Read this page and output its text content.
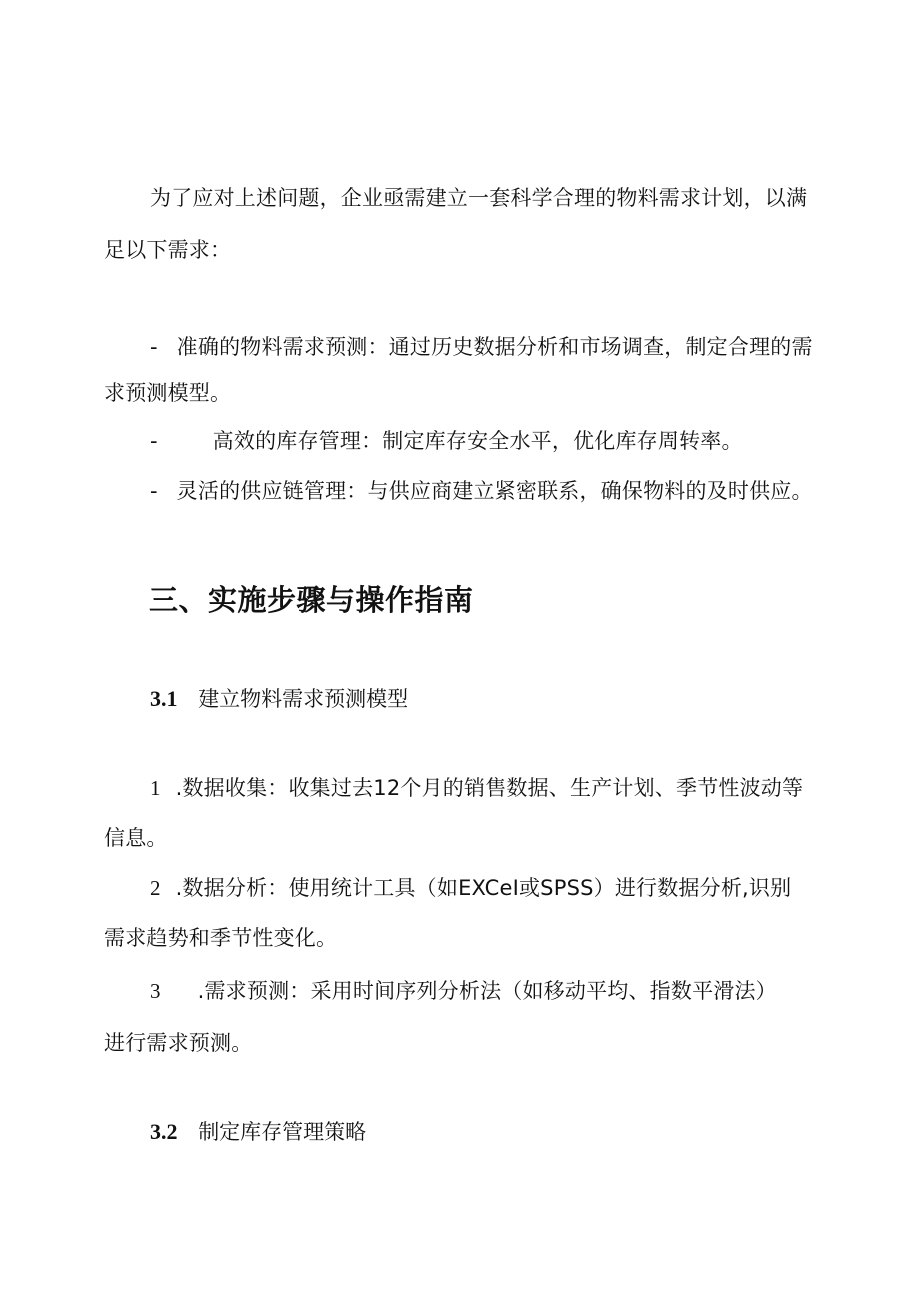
为了应对上述问题，企业亟需建立一套科学合理的物料需求计划，以满
足以下需求：
- 准确的物料需求预测：通过历史数据分析和市场调查，制定合理的需
求预测模型。
-	高效的库存管理：制定库存安全水平，优化库存周转率。
- 灵活的供应链管理：与供应商建立紧密联系，确保物料的及时供应。
三、实施步骤与操作指南
3.1 建立物料需求预测模型
1 .数据收集：收集过去12个月的销售数据、生产计划、季节性波动等
信息。
2 .数据分析：使用统计工具（如EXCeI或SPSS）进行数据分析,识别
需求趋势和季节性变化。
3 .需求预测：采用时间序列分析法（如移动平均、指数平滑法）
进行需求预测。
3.2 制定库存管理策略
